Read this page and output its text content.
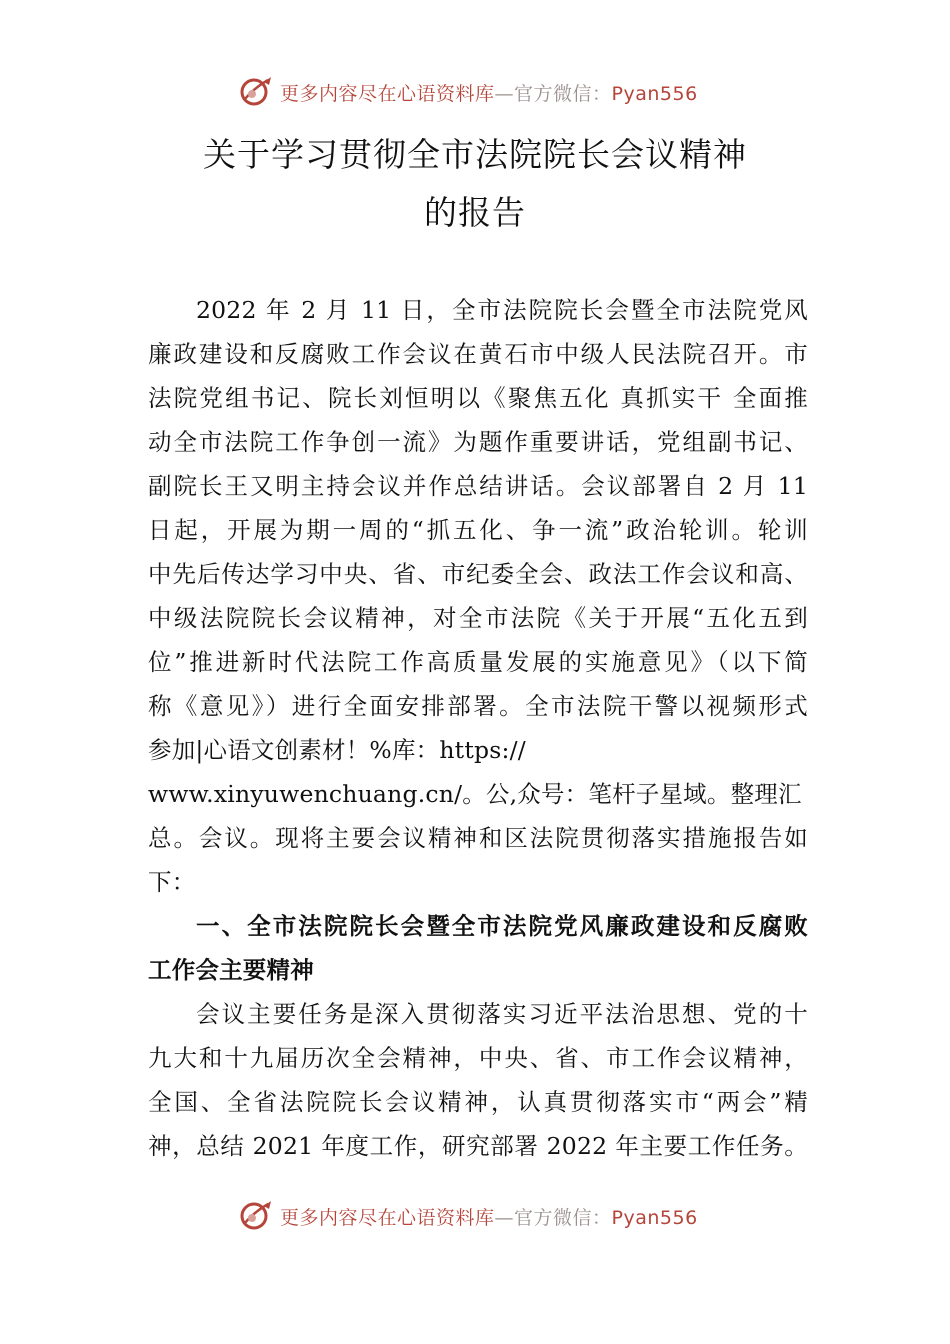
更多内容尽在心语资料库—官方微信：Pyan556
关于学习贯彻全市法院院长会议精神
的报告
2022 年 2 月 11 日，全市法院院长会暨全市法院党风
廉政建设和反腐败工作会议在黄石市中级人民法院召开。市
法院党组书记、院长刘恒明以《聚焦五化 真抓实干 全面推
动全市法院工作争创一流》为题作重要讲话，党组副书记、
副院长王又明主持会议并作总结讲话。会议部署自 2 月 11
日起，开展为期一周的“抓五化、争一流”政治轮训。轮训
中先后传达学习中央、省、市纪委全会、政法工作会议和高、
中级法院院长会议精神，对全市法院《关于开展“五化五到
位”推进新时代法院工作高质量发展的实施意见》（以下简
称《意见》）进行全面安排部署。全市法院干警以视频形式
参加|心语文创素材！%库：https://
www.xinyuwenchuang.cn/。公,众号：笔杆子星域。整理汇
总。会议。现将主要会议精神和区法院贯彻落实措施报告如
下：
一、全市法院院长会暨全市法院党风廉政建设和反腐败
工作会主要精神
会议主要任务是深入贯彻落实习近平法治思想、党的十
九大和十九届历次全会精神，中央、省、市工作会议精神，
全国、全省法院院长会议精神，认真贯彻落实市“两会”精
神，总结 2021 年度工作，研究部署 2022 年主要工作任务。
更多内容尽在心语资料库—官方微信：Pyan556
